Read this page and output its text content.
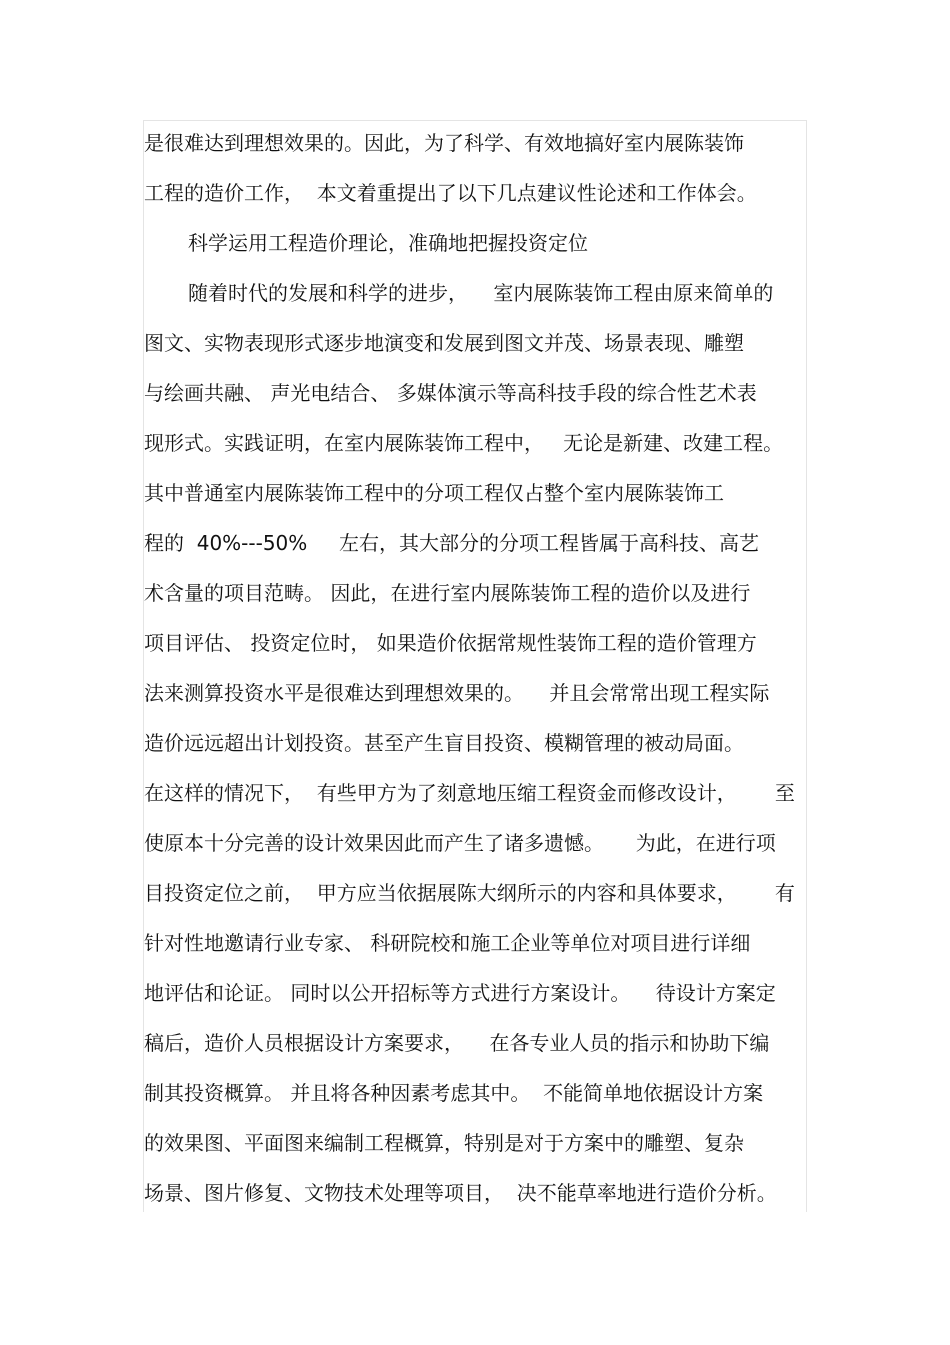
是很难达到理想效果的。因此，为了科学、有效地搞好室内展陈装饰
工程的造价工作，  本文着重提出了以下几点建议性论述和工作体会。
科学运用工程造价理论，准确地把握投资定位
随着时代的发展和科学的进步，    室内展陈装饰工程由原来简单的
图文、实物表现形式逐步地演变和发展到图文并茂、场景表现、雕塑
与绘画共融、 声光电结合、 多媒体演示等高科技手段的综合性艺术表
现形式。实践证明，在室内展陈装饰工程中，   无论是新建、改建工程。
其中普通室内展陈装饰工程中的分项工程仅占整个室内展陈装饰工
程的  40%---50%     左右，其大部分的分项工程皆属于高科技、高艺
术含量的项目范畴。 因此，在进行室内展陈装饰工程的造价以及进行
项目评估、 投资定位时， 如果造价依据常规性装饰工程的造价管理方
法来测算投资水平是很难达到理想效果的。    并且会常常出现工程实际
造价远远超出计划投资。甚至产生盲目投资、模糊管理的被动局面。
在这样的情况下，  有些甲方为了刻意地压缩工程资金而修改设计，      至
使原本十分完善的设计效果因此而产生了诸多遗憾。     为此，在进行项
目投资定位之前，  甲方应当依据展陈大纲所示的内容和具体要求，      有
针对性地邀请行业专家、 科研院校和施工企业等单位对项目进行详细
地评估和论证。 同时以公开招标等方式进行方案设计。    待设计方案定
稿后，造价人员根据设计方案要求，    在各专业人员的指示和协助下编
制其投资概算。 并且将各种因素考虑其中。  不能简单地依据设计方案
的效果图、平面图来编制工程概算，特别是对于方案中的雕塑、复杂
场景、图片修复、文物技术处理等项目，  决不能草率地进行造价分析。
